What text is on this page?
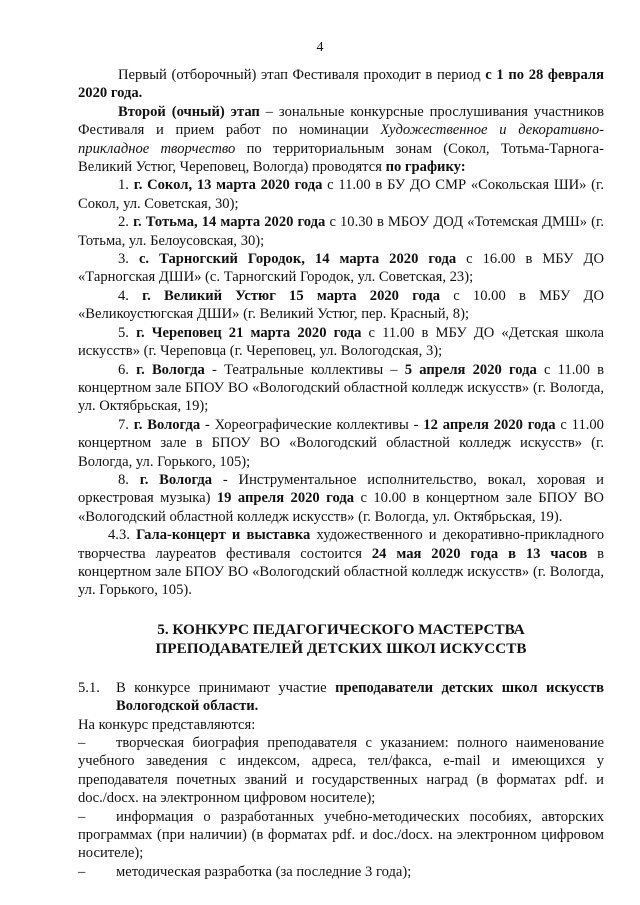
4

Первый (отборочный) этап Фестиваля проходит в период с 1 по 28 февраля 2020 года.

Второй (очный) этап – зональные конкурсные прослушивания участников Фестиваля и прием работ по номинации Художественное и декоративно-прикладное творчество по территориальным зонам (Сокол, Тотьма-Тарнога-Великий Устюг, Череповец, Вологда) проводятся по графику:

1. г. Сокол, 13 марта 2020 года с 11.00 в БУ ДО СМР «Сокольская ШИ» (г. Сокол, ул. Советская, 30);

2. г. Тотьма, 14 марта 2020 года с 10.30 в МБОУ ДОД «Тотемская ДМШ» (г. Тотьма, ул. Белоусовская, 30);

3. с. Тарногский Городок, 14 марта 2020 года с 16.00 в МБУ ДО «Тарногская ДШИ» (с. Тарногский Городок, ул. Советская, 23);

4. г. Великий Устюг 15 марта 2020 года с 10.00 в МБУ ДО «Великоустюгская ДШИ» (г. Великий Устюг, пер. Красный, 8);

5. г. Череповец 21 марта 2020 года с 11.00 в МБУ ДО «Детская школа искусств» (г. Череповца (г. Череповец, ул. Вологодская, 3);

6. г. Вологда - Театральные коллективы – 5 апреля 2020 года с 11.00 в концертном зале БПОУ ВО «Вологодский областной колледж искусств» (г. Вологда, ул. Октябрьская, 19);

7. г. Вологда - Хореографические коллективы - 12 апреля 2020 года с 11.00 концертном зале в БПОУ ВО «Вологодский областной колледж искусств» (г. Вологда, ул. Горького, 105);

8. г. Вологда - Инструментальное исполнительство, вокал, хоровая и оркестровая музыка) 19 апреля 2020 года с 10.00 в концертном зале БПОУ ВО «Вологодский областной колледж искусств» (г. Вологда, ул. Октябрьская, 19).

4.3. Гала-концерт и выставка художественного и декоративно-прикладного творчества лауреатов фестиваля состоится 24 мая 2020 года в 13 часов в концертном зале БПОУ ВО «Вологодский областной колледж искусств» (г. Вологда, ул. Горького, 105).

5. КОНКУРС ПЕДАГОГИЧЕСКОГО МАСТЕРСТВА
ПРЕПОДАВАТЕЛЕЙ ДЕТСКИХ ШКОЛ ИСКУССТВ
5.1.	В конкурсе принимают участие преподаватели детских школ искусств Вологодской области.

На конкурс представляются:

– творческая биография преподавателя с указанием: полного наименование учебного заведения с индексом, адреса, тел/факса, e-mail и имеющихся у преподавателя почетных званий и государственных наград (в форматах pdf. и doc./docx. на электронном цифровом носителе);

– информация о разработанных учебно-методических пособиях, авторских программах (при наличии) (в форматах pdf. и doc./docx. на электронном цифровом носителе);

– методическая разработка (за последние 3 года);
